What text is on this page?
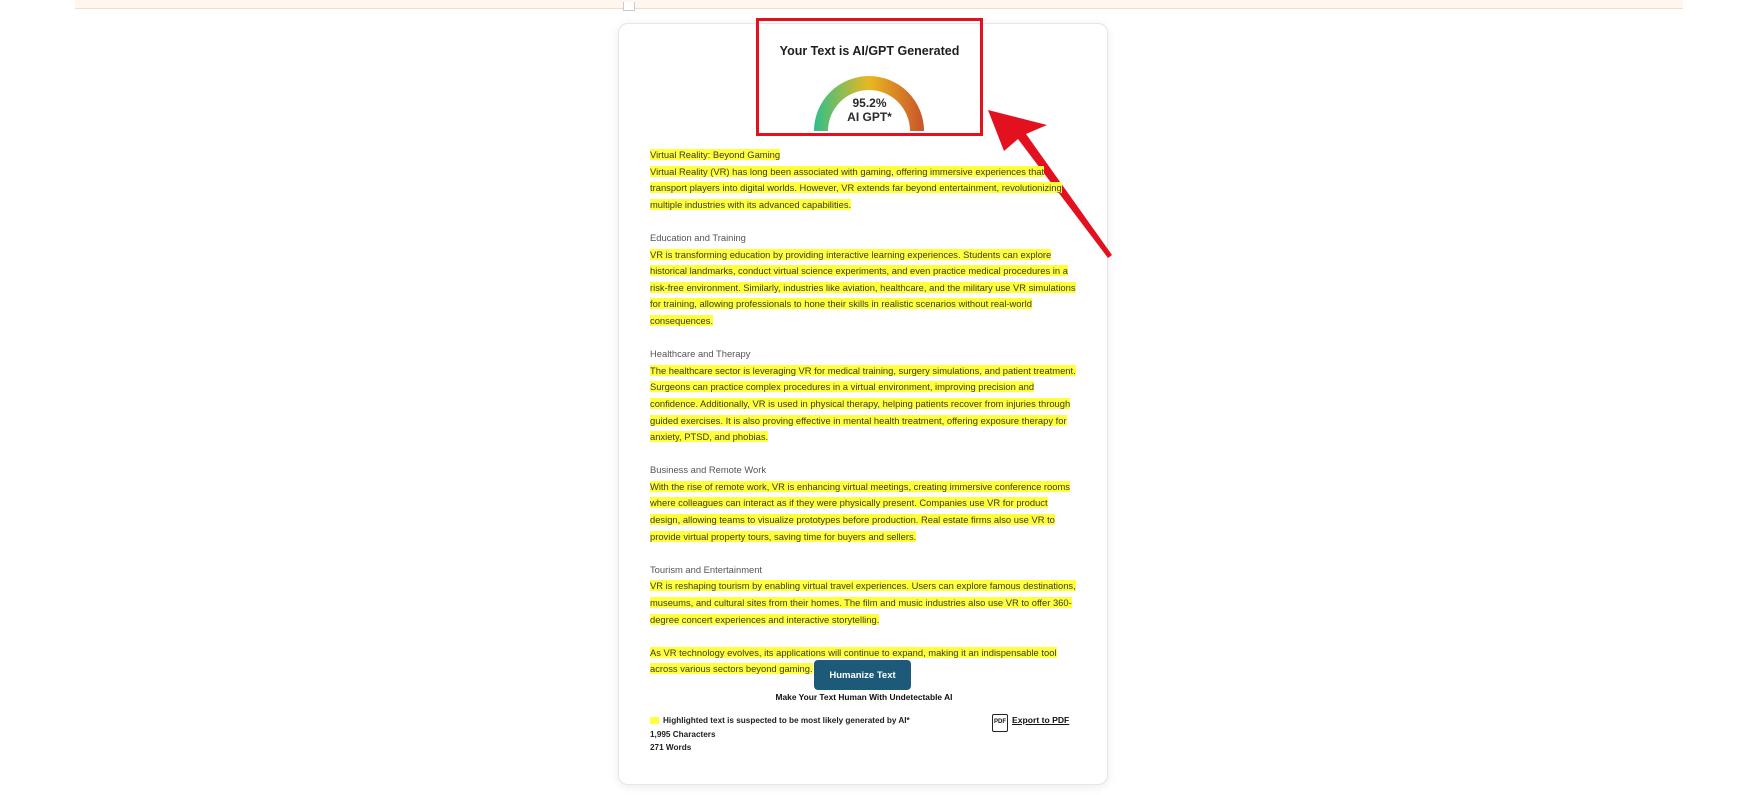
Your Text is AI/GPT Generated
95.2%
AI GPT*
Virtual Reality: Beyond Gaming
Virtual Reality (VR) has long been associated with gaming, offering immersive experiences that transport players into digital worlds. However, VR extends far beyond entertainment, revolutionizing multiple industries with its advanced capabilities.
Education and Training
VR is transforming education by providing interactive learning experiences. Students can explore historical landmarks, conduct virtual science experiments, and even practice medical procedures in a risk-free environment. Similarly, industries like aviation, healthcare, and the military use VR simulations for training, allowing professionals to hone their skills in realistic scenarios without real-world consequences.
Healthcare and Therapy
The healthcare sector is leveraging VR for medical training, surgery simulations, and patient treatment. Surgeons can practice complex procedures in a virtual environment, improving precision and confidence. Additionally, VR is used in physical therapy, helping patients recover from injuries through guided exercises. It is also proving effective in mental health treatment, offering exposure therapy for anxiety, PTSD, and phobias.
Business and Remote Work
With the rise of remote work, VR is enhancing virtual meetings, creating immersive conference rooms where colleagues can interact as if they were physically present. Companies use VR for product design, allowing teams to visualize prototypes before production. Real estate firms also use VR to provide virtual property tours, saving time for buyers and sellers.
Tourism and Entertainment
VR is reshaping tourism by enabling virtual travel experiences. Users can explore famous destinations, museums, and cultural sites from their homes. The film and music industries also use VR to offer 360-degree concert experiences and interactive storytelling.
As VR technology evolves, its applications will continue to expand, making it an indispensable tool across various sectors beyond gaming.
Humanize Text
Make Your Text Human With Undetectable AI
Highlighted text is suspected to be most likely generated by AI*
1,995 Characters
271 Words
PDF Export to PDF
